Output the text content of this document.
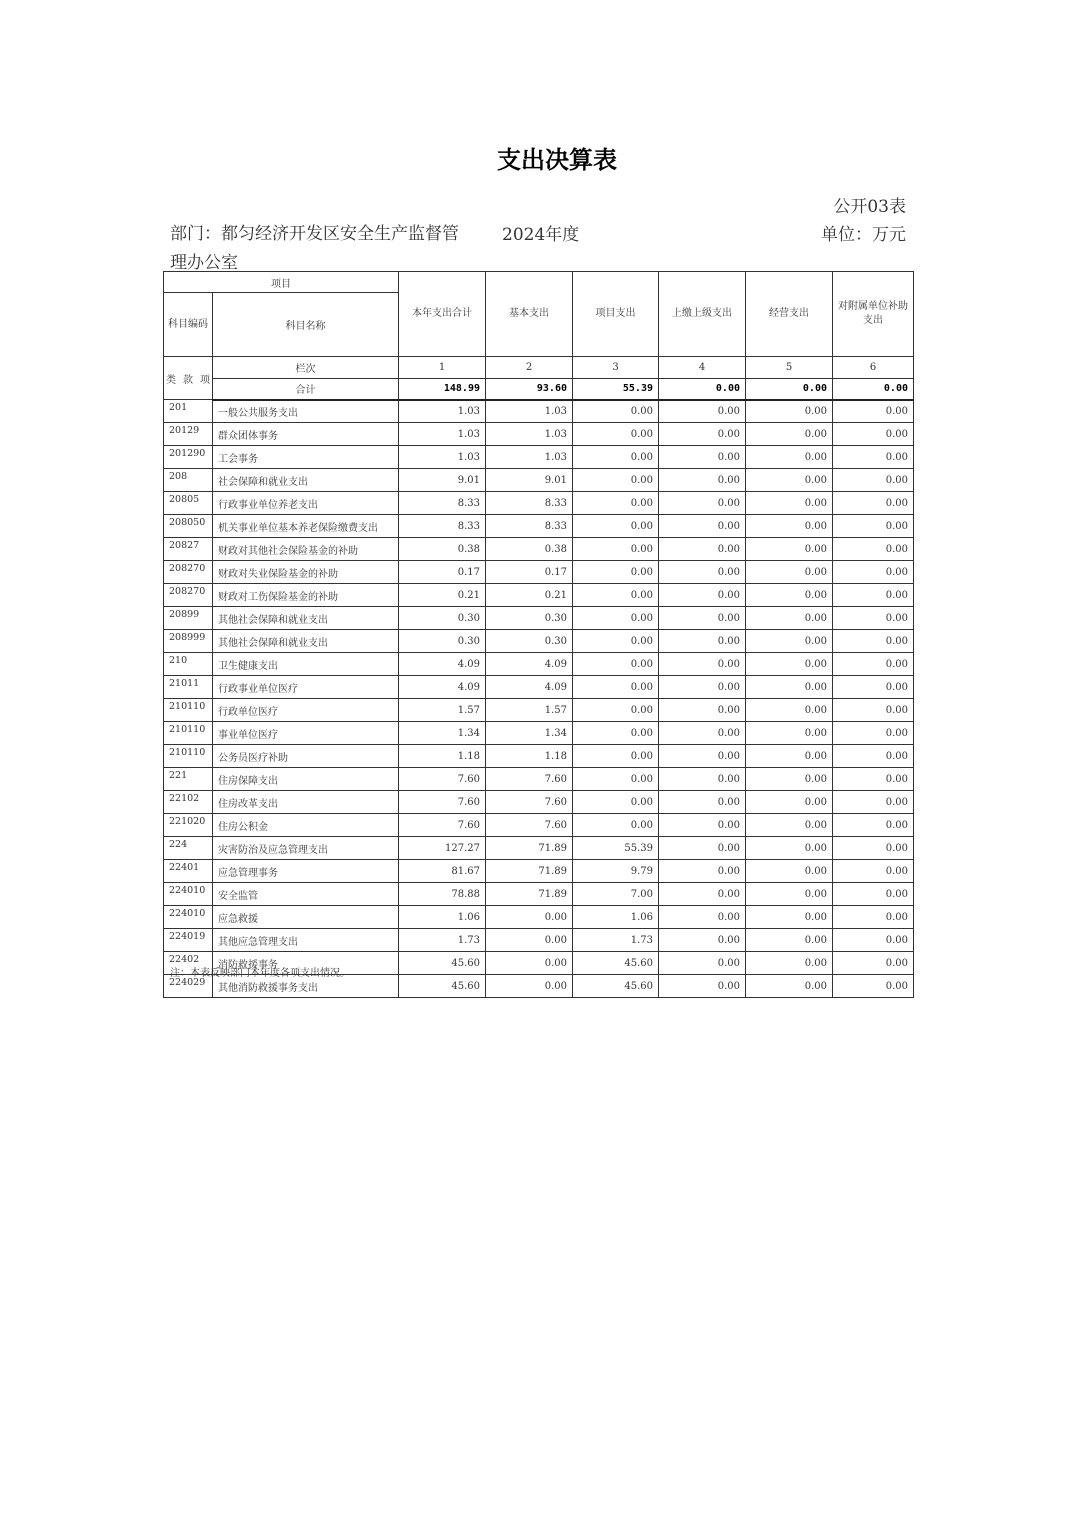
支出决算表
公开03表
部门：都匀经济开发区安全生产监督管理办公室
2024年度	单位：万元
项目		本年支出合计	基本支出	项目支出	上缴上级支出	经营支出	对附属单位补助支出
科目编码	科目名称						

类 款 项	栏次	1	2	3	4	5	6
	合计	148.99	93.60	55.39	0.00	0.00	0.00
201	一般公共服务支出	1.03	1.03	0.00	0.00	0.00	0.00
20129	群众团体事务	1.03	1.03	0.00	0.00	0.00	0.00
201290	工会事务	1.03	1.03	0.00	0.00	0.00	0.00
208	社会保障和就业支出	9.01	9.01	0.00	0.00	0.00	0.00
20805	行政事业单位养老支出	8.33	8.33	0.00	0.00	0.00	0.00
208050	机关事业单位基本养老保险缴费支出	8.33	8.33	0.00	0.00	0.00	0.00
20827	财政对其他社会保险基金的补助	0.38	0.38	0.00	0.00	0.00	0.00
208270	财政对失业保险基金的补助	0.17	0.17	0.00	0.00	0.00	0.00
208270	财政对工伤保险基金的补助	0.21	0.21	0.00	0.00	0.00	0.00
20899	其他社会保障和就业支出	0.30	0.30	0.00	0.00	0.00	0.00
208999	其他社会保障和就业支出	0.30	0.30	0.00	0.00	0.00	0.00
210	卫生健康支出	4.09	4.09	0.00	0.00	0.00	0.00
21011	行政事业单位医疗	4.09	4.09	0.00	0.00	0.00	0.00
210110	行政单位医疗	1.57	1.57	0.00	0.00	0.00	0.00
210110	事业单位医疗	1.34	1.34	0.00	0.00	0.00	0.00
210110	公务员医疗补助	1.18	1.18	0.00	0.00	0.00	0.00
221	住房保障支出	7.60	7.60	0.00	0.00	0.00	0.00
22102	住房改革支出	7.60	7.60	0.00	0.00	0.00	0.00
221020	住房公积金	7.60	7.60	0.00	0.00	0.00	0.00
224	灾害防治及应急管理支出	127.27	71.89	55.39	0.00	0.00	0.00
22401	应急管理事务	81.67	71.89	9.79	0.00	0.00	0.00
224010	安全监管	78.88	71.89	7.00	0.00	0.00	0.00
224010	应急救援	1.06	0.00	1.06	0.00	0.00	0.00
224019	其他应急管理支出	1.73	0.00	1.73	0.00	0.00	0.00
22402	消防救援事务	45.60	0.00	45.60	0.00	0.00	0.00
224029	其他消防救援事务支出	45.60	0.00	45.60	0.00	0.00	0.00
注：本表反映部门本年度各项支出情况。
